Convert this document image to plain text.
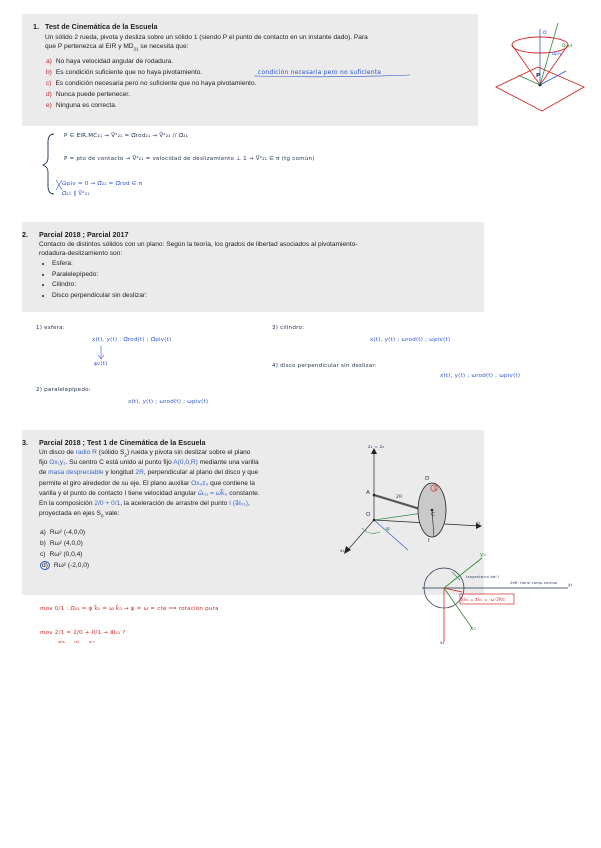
1. Test de Cinemática de la Escuela
Un sólido 2 rueda, pivota y desliza sobre un sólido 1 (siendo P el punto de contacto en un instante dado). Para
que P pertenezca al EIR y $MD_{21}$ se necesita que:
a) No haya velocidad angular de rodadura.
b) Es condición suficiente que no haya pivotamiento.
c) Es condición necesaria pero no suficiente que no haya pivotamiento.
d) Nunca puede pertenecer.
e) Ninguna es correcta.
condición necesaria pero no suficiente
P ∈ EIR,MC₂₁ → V⃗²₂₁ = Ω⃗rod₂₁ → V⃗²₂₁ // Ω⃗₂₁
P = pto de contacto → V⃗²₂₁ = velocidad de deslizamiento ⊥ 1 → V⃗²₂₁ ∈ π (tg común)
ω⃗piv = 0 → Ω⃗₂₁ = Ω⃗rod ∈ π
Ω⃗₂₁ ∥ V⃗²₂₁
P
Ω⃗
Ω⃗rod
Ω⃗piv
2. Parcial 2018 ; Parcial 2017
Contacto de distintos sólidos con un plano: Según la teoría, los grados de libertad asociados al pivotamiento-
rodadura-deslizamiento son:
• Esfera:
• Paralelepípedo:
• Cilindro:
• Disco perpendicular sin deslizar:
1) esfera:
x(t), y(t) ; Ω⃗rod(t) ; Ω⃗piv(t)
ψ₂(t)
3) cilindro:
x(t), y(t) ; ωrod(t) ; ωpiv(t)
4) disco perpendicular sin deslizar:
x(t), y(t) ; ωrod(t) ; ωpiv(t)
2) paralelepípedo:
x(t), y(t) ; ωrod(t) ; ωpiv(t)
3. Parcial 2018 ; Test 1 de Cinemática de la Escuela
Un disco de radio R (sólido $S_2$) rueda y pivota sin deslizar sobre el plano
fijo Ox₁y₁. Su centro C está unido al punto fijo A(0,0,R) mediante una varilla
de masa despreciable y longitud 2R, perpendicular al plano del disco y que
permite el giro alrededor de su eje. El plano auxiliar Ox₀z₀ que contiene la
varilla y el punto de contacto I tiene velocidad angular ω⃗₀₁ = ωk⃗₀ constante.
En la composición 2/0 + 0/1, la aceleración de arrastre del punto I (a⃗I₀₁),
proyectada en ejes $S_0$ vale:
a) Rω² (-4,0,0)
b) Rω² (4,0,0)
c) Rω² (0,0,4)
d) Rω² (-2,0,0)
z₁ = z₀
A
D
E
C
O
I
x₁
y₁
ψ
2R
y₀
x₀
y₁
x₁
trayectoria del I
2πR: tiene comp normal
a⃗I₀₁ = a⃗I₀₁ = -ω²2Ri⃗₀
mov 0/1 : Ω⃗₀₁ = ψ̇ k⃗₀ = ω k⃗₀ → ψ̇ = ω = cte ⟹ rotación pura
mov 2/1 = 2/0 + 0/1 → a⃗I₀₁ ?
abs rel arr
